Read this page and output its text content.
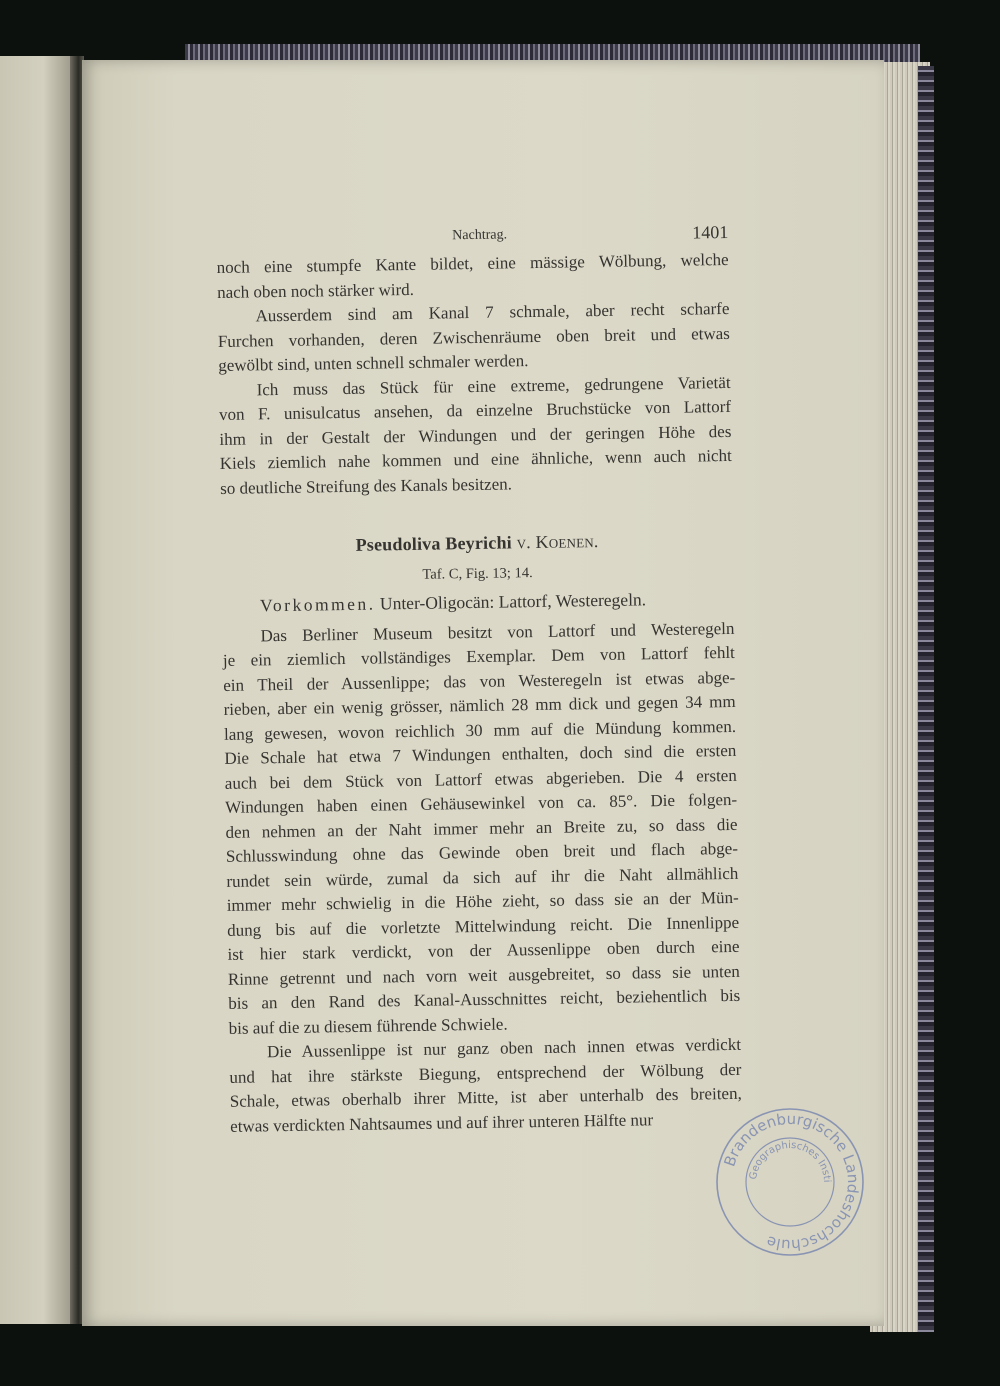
Nachtrag.	1401

noch eine stumpfe Kante bildet, eine mässige Wölbung, welche
nach oben noch stärker wird.

Ausserdem sind am Kanal 7 schmale, aber recht scharfe
Furchen vorhanden, deren Zwischenräume oben breit und etwas
gewölbt sind, unten schnell schmaler werden.

Ich muss das Stück für eine extreme, gedrungene Varietät
von F. unisulcatus ansehen, da einzelne Bruchstücke von Lattorf
ihm in der Gestalt der Windungen und der geringen Höhe des
Kiels ziemlich nahe kommen und eine ähnliche, wenn auch nicht
so deutliche Streifung des Kanals besitzen.

Pseudoliva Beyrichi v. Koenen.
Taf. C, Fig. 13; 14.
Vorkommen. Unter-Oligocän: Lattorf, Westeregeln.

Das Berliner Museum besitzt von Lattorf und Westeregeln
je ein ziemlich vollständiges Exemplar. Dem von Lattorf fehlt
ein Theil der Aussenlippe; das von Westeregeln ist etwas abge-
rieben, aber ein wenig grösser, nämlich 28 mm dick und gegen 34 mm
lang gewesen, wovon reichlich 30 mm auf die Mündung kommen.
Die Schale hat etwa 7 Windungen enthalten, doch sind die ersten
auch bei dem Stück von Lattorf etwas abgerieben. Die 4 ersten
Windungen haben einen Gehäusewinkel von ca. 85°. Die folgen-
den nehmen an der Naht immer mehr an Breite zu, so dass die
Schlusswindung ohne das Gewinde oben breit und flach abge-
rundet sein würde, zumal da sich auf ihr die Naht allmählich
immer mehr schwielig in die Höhe zieht, so dass sie an der Mün-
dung bis auf die vorletzte Mittelwindung reicht. Die Innenlippe
ist hier stark verdickt, von der Aussenlippe oben durch eine
Rinne getrennt und nach vorn weit ausgebreitet, so dass sie unten
bis an den Rand des Kanal-Ausschnittes reicht, beziehentlich bis
bis auf die zu diesem führende Schwiele.

Die Aussenlippe ist nur ganz oben nach innen etwas verdickt
und hat ihre stärkste Biegung, entsprechend der Wölbung der
Schale, etwas oberhalb ihrer Mitte, ist aber unterhalb des breiten,
etwas verdickten Nahtsaumes und auf ihrer unteren Hälfte nur

Brandenburgische Landeshochschule
Geographisches Insti
